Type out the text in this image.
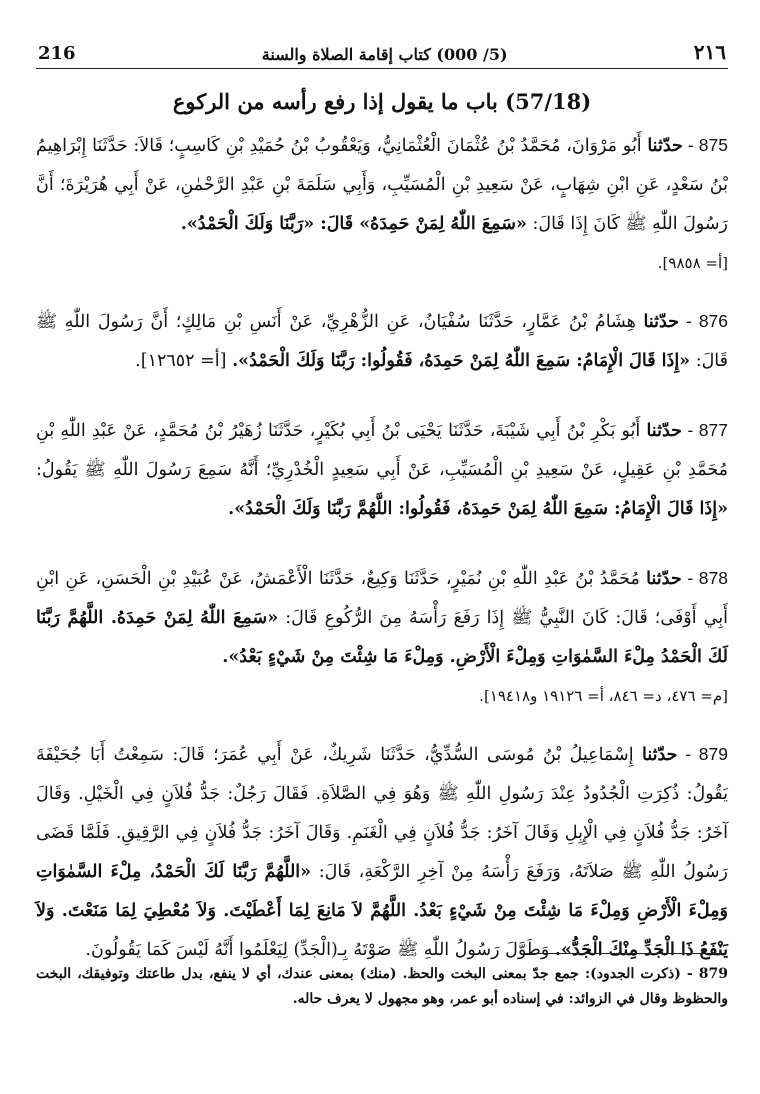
٢١٦
(5/ 000) كتاب إقامة الصلاة والسنة
216
(57/18) باب ما يقول إذا رفع رأسه من الركوع
875 - حدّثنا أَبُو مَرْوَانَ، مُحَمَّدُ بْنُ عُثْمَانَ الْعُثْمَانِيُّ، وَيَعْقُوبُ بْنُ حُمَيْدِ بْنِ كَاسِبٍ؛ قَالاَ: حَدَّثَنَا إِبْرَاهِيمُ بْنُ سَعْدٍ، عَنِ ابْنِ شِهَابٍ، عَنْ سَعِيدِ بْنِ الْمُسَيِّبِ، وَأَبِي سَلَمَةَ بْنِ عَبْدِ الرَّحْمٰنِ، عَنْ أَبِي هُرَيْرَةَ؛ أَنَّ رَسُولَ اللّٰهِ ﷺ كَانَ إِذَا قَالَ: «سَمِعَ اللّٰهُ لِمَنْ حَمِدَهُ» قَالَ: «رَبَّنَا وَلَكَ الْحَمْدُ».
[أ= ٩٨٥٨].
876 - حدّثنا هِشَامُ بْنُ عَمَّارٍ، حَدَّثَنَا سُفْيَانُ، عَنِ الزُّهْرِيِّ، عَنْ أَنَسِ بْنِ مَالِكٍ؛ أَنَّ رَسُولَ اللّٰهِ ﷺ قَالَ: «إِذَا قَالَ الْإِمَامُ: سَمِعَ اللّٰهُ لِمَنْ حَمِدَهُ، فَقُولُوا: رَبَّنَا وَلَكَ الْحَمْدُ». [أ= ١٢٦٥٢].
877 - حدّثنا أَبُو بَكْرِ بْنُ أَبِي شَيْبَةَ، حَدَّثَنَا يَحْيَى بْنُ أَبِي بُكَيْرٍ، حَدَّثَنَا زُهَيْرُ بْنُ مُحَمَّدٍ، عَنْ عَبْدِ اللّٰهِ بْنِ مُحَمَّدِ بْنِ عَقِيلٍ، عَنْ سَعِيدِ بْنِ الْمُسَيِّبِ، عَنْ أَبِي سَعِيدٍ الْخُدْرِيِّ؛ أَنَّهُ سَمِعَ رَسُولَ اللّٰهِ ﷺ يَقُولُ: «إِذَا قَالَ الْإِمَامُ: سَمِعَ اللّٰهُ لِمَنْ حَمِدَهُ، فَقُولُوا: اللَّهُمَّ رَبَّنَا وَلَكَ الْحَمْدُ».
878 - حدّثنا مُحَمَّدُ بْنُ عَبْدِ اللّٰهِ بْنِ نُمَيْرٍ، حَدَّثَنَا وَكِيعٌ، حَدَّثَنَا الْأَعْمَشُ، عَنْ عُبَيْدِ بْنِ الْحَسَنِ، عَنِ ابْنِ أَبِي أَوْفَى؛ قَالَ: كَانَ النَّبِيُّ ﷺ إِذَا رَفَعَ رَأْسَهُ مِنَ الرُّكُوعِ قَالَ: «سَمِعَ اللّٰهُ لِمَنْ حَمِدَهُ. اللَّهُمَّ رَبَّنَا لَكَ الْحَمْدُ مِلْءَ السَّمٰوَاتِ وَمِلْءَ الْأَرْضِ. وَمِلْءَ مَا شِئْتَ مِنْ شَيْءٍ بَعْدُ».
[م= ٤٧٦، د= ٨٤٦، أ= ١٩١٢٦ و١٩٤١٨].
879 - حدّثنا إِسْمَاعِيلُ بْنُ مُوسَى السُّدِّيُّ، حَدَّثَنَا شَرِيكٌ، عَنْ أَبِي عُمَرَ؛ قَالَ: سَمِعْتُ أَبَا جُحَيْفَةَ يَقُولُ: ذُكِرَتِ الْجُدُودُ عِنْدَ رَسُولِ اللّٰهِ ﷺ وَهُوَ فِي الصَّلاَةِ. فَقَالَ رَجُلٌ: جَدُّ فُلاَنٍ فِي الْخَيْلِ. وَقَالَ آخَرُ: جَدُّ فُلاَنٍ فِي الْإِبِلِ وَقَالَ آخَرُ: جَدُّ فُلاَنٍ فِي الْغَنَمِ. وَقَالَ آخَرُ: جَدُّ فُلاَنٍ فِي الرَّقِيقِ. فَلَمَّا قَضَى رَسُولُ اللّٰهِ ﷺ صَلاَتَهُ، وَرَفَعَ رَأْسَهُ مِنْ آخِرِ الرَّكْعَةِ، قَالَ: «اللَّهُمَّ رَبَّنَا لَكَ الْحَمْدُ، مِلْءَ السَّمٰوَاتِ وَمِلْءَ الْأَرْضِ وَمِلْءَ مَا شِئْتَ مِنْ شَيْءٍ بَعْدُ. اللَّهُمَّ لاَ مَانِعَ لِمَا أَعْطَيْتَ. وَلاَ مُعْطِيَ لِمَا مَنَعْتَ. وَلاَ يَنْفَعُ ذَا الْجَدِّ مِنْكَ الْجَدُّ». وَطَوَّلَ رَسُولُ اللّٰهِ ﷺ صَوْتَهُ بِـ(الْجَدِّ) لِيَعْلَمُوا أَنَّهُ لَيْسَ كَمَا يَقُولُونَ.
879 - (ذكرت الجدود): جمع جدّ بمعنى البخت والحظ. (منك) بمعنى عندك، أي لا ينفع، بدل طاعتك وتوفيقك، البخت والحظوظ وقال في الزوائد: في إسناده أبو عمر، وهو مجهول لا يعرف حاله.
